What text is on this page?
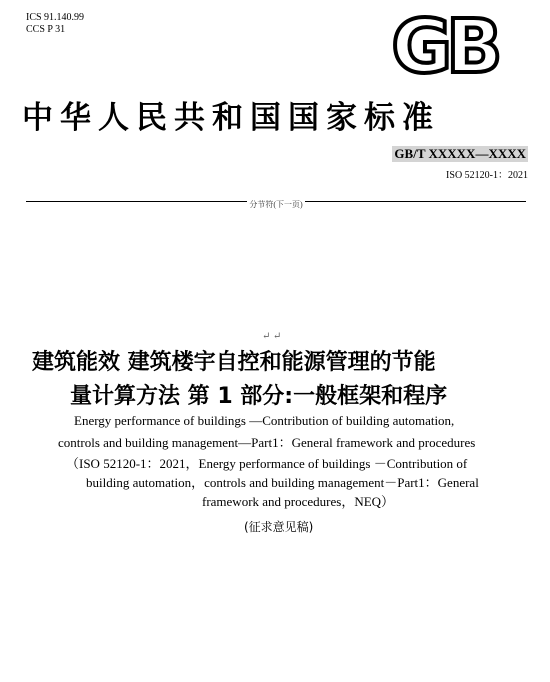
ICS 91.140.99
CCS P 31	GB
中华人民共和国国家标准
GB/T XXXXX—XXXX
ISO 52120-1：2021
分节符(下一页)
↵ ↵
建筑能效 建筑楼宇自控和能源管理的节能
量计算方法 第 1 部分:一般框架和程序
Energy performance of buildings —Contribution of building automation,
controls and building management—Part1：General framework and procedures
（ISO 52120-1：2021，Energy performance of buildings －Contribution of
building automation，controls and building management－Part1：General
framework and procedures，NEQ）
(征求意见稿)
